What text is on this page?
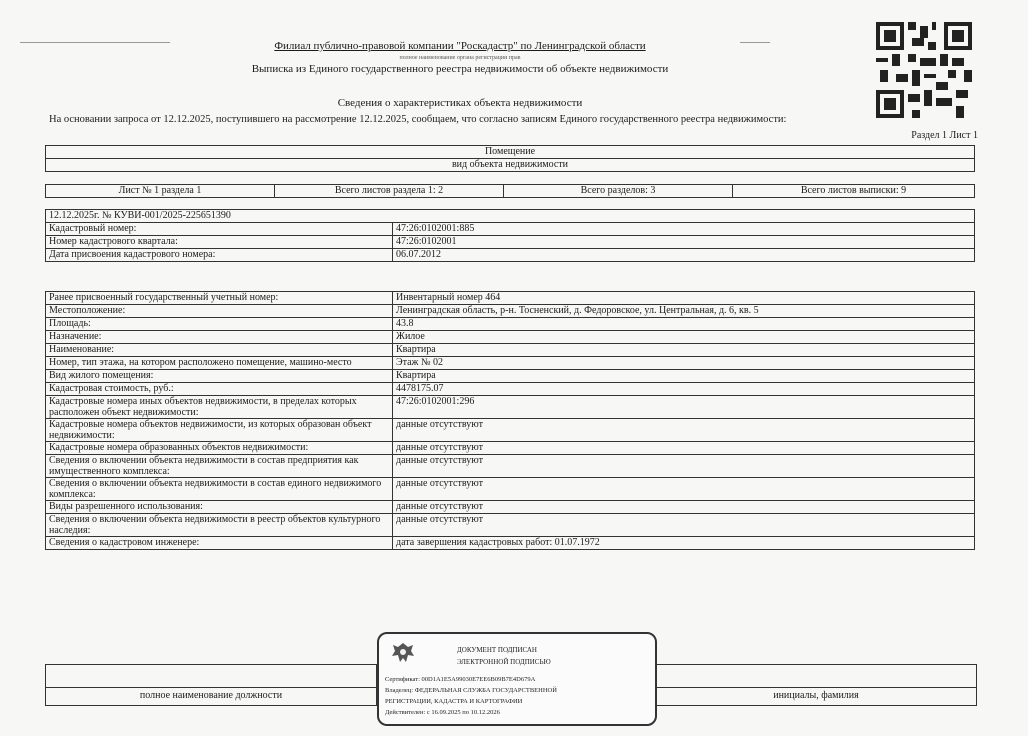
Филиал публично-правовой компании "Роскадастр" по Ленинградской области
полное наименование органа регистрации прав
Выписка из Единого государственного реестра недвижимости об объекте недвижимости
Сведения о характеристиках объекта недвижимости
На основании запроса от 12.12.2025, поступившего на рассмотрение 12.12.2025, сообщаем, что согласно записям Единого государственного реестра недвижимости:
Раздел 1 Лист 1
Помещение
вид объекта недвижимости
Лист № 1 раздела 1	Всего листов раздела 1: 2	Всего разделов: 3	Всего листов выписки: 9
12.12.2025г. № КУВИ-001/2025-225651390	
Кадастровый номер:	47:26:0102001:885
Номер кадастрового квартала:	47:26:0102001
Дата присвоения кадастрового номера:	06.07.2012
Ранее присвоенный государственный учетный номер:	Инвентарный номер 464
Местоположение:	Ленинградская область, р-н. Тосненский, д. Федоровское, ул. Центральная, д. 6, кв. 5
Площадь:	43.8
Назначение:	Жилое
Наименование:	Квартира
Номер, тип этажа, на котором расположено помещение, машино-место	Этаж № 02
Вид жилого помещения:	Квартира
Кадастровая стоимость, руб.:	4478175.07
Кадастровые номера иных объектов недвижимости, в пределах которых расположен объект недвижимости:	47:26:0102001:296
Кадастровые номера объектов недвижимости, из которых образован объект недвижимости:	данные отсутствуют
Кадастровые номера образованных объектов недвижимости:	данные отсутствуют
Сведения о включении объекта недвижимости в состав предприятия как имущественного комплекса:	данные отсутствуют
Сведения о включении объекта недвижимости в состав единого недвижимого комплекса:	данные отсутствуют
Виды разрешенного использования:	данные отсутствуют
Сведения о включении объекта недвижимости в реестр объектов культурного наследия:	данные отсутствуют
Сведения о кадастровом инженере:	дата завершения кадастровых работ: 01.07.1972
полное наименование должности	инициалы, фамилия
ДОКУМЕНТ ПОДПИСАН
ЭЛЕКТРОННОЙ ПОДПИСЬЮ
Сертификат: 00D1A1E5A99030E7EE6B09B7E4D679A
Владелец: ФЕДЕРАЛЬНАЯ СЛУЖБА ГОСУДАРСТВЕННОЙ
РЕГИСТРАЦИИ, КАДАСТРА И КАРТОГРАФИИ
Действителен: с 16.09.2025 по 10.12.2026
